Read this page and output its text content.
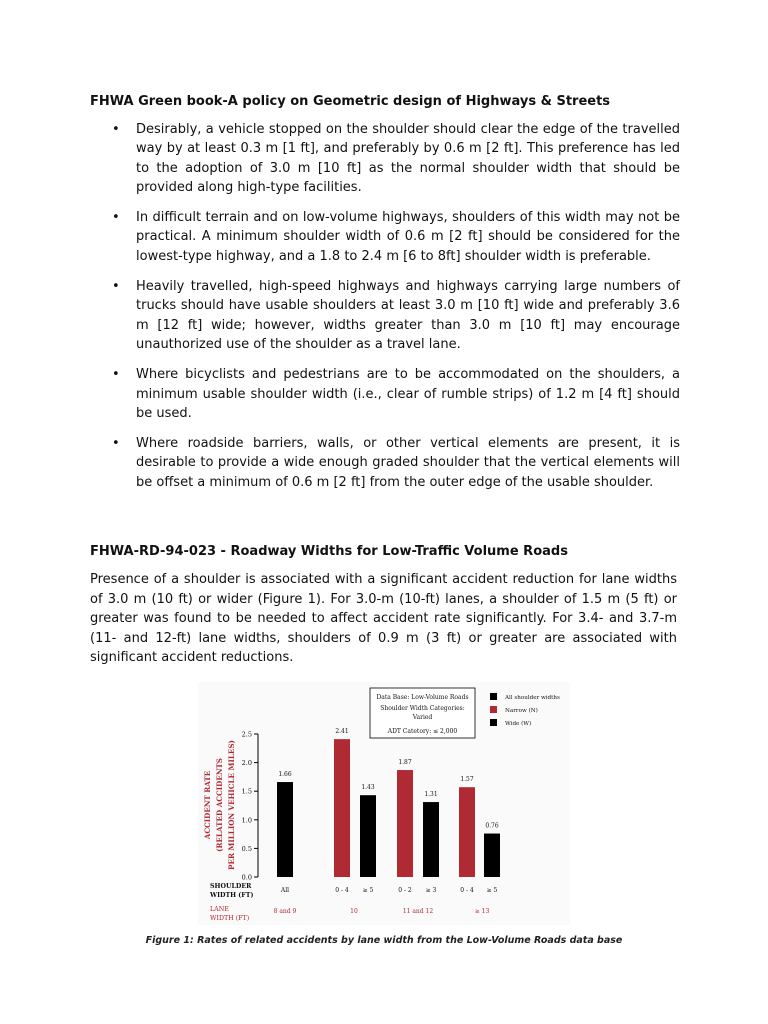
FHWA Green book-A policy on Geometric design of Highways & Streets
• Desirably, a vehicle stopped on the shoulder should clear the edge of the travelled way by at least 0.3 m [1 ft], and preferably by 0.6 m [2 ft]. This preference has led to the adoption of 3.0 m [10 ft] as the normal shoulder width that should be provided along high-type facilities.
• In difficult terrain and on low-volume highways, shoulders of this width may not be practical. A minimum shoulder width of 0.6 m [2 ft] should be considered for the lowest-type highway, and a 1.8 to 2.4 m [6 to 8ft] shoulder width is preferable.
• Heavily travelled, high-speed highways and highways carrying large numbers of trucks should have usable shoulders at least 3.0 m [10 ft] wide and preferably 3.6 m [12 ft] wide; however, widths greater than 3.0 m [10 ft] may encourage unauthorized use of the shoulder as a travel lane.
• Where bicyclists and pedestrians are to be accommodated on the shoulders, a minimum usable shoulder width (i.e., clear of rumble strips) of 1.2 m [4 ft] should be used.
• Where roadside barriers, walls, or other vertical elements are present, it is desirable to provide a wide enough graded shoulder that the vertical elements will be offset a minimum of 0.6 m [2 ft] from the outer edge of the usable shoulder.
FHWA-RD-94-023 - Roadway Widths for Low-Traffic Volume Roads

Presence of a shoulder is associated with a significant accident reduction for lane widths of 3.0 m (10 ft) or wider (Figure 1). For 3.0-m (10-ft) lanes, a shoulder of 1.5 m (5 ft) or greater was found to be needed to affect accident rate significantly. For 3.4- and 3.7-m (11- and 12-ft) lane widths, shoulders of 0.9 m (3 ft) or greater are associated with significant accident reductions.

ACCIDENT RATE (RELATED ACCIDENTS PER MILLION VEHICLE MILES)
0.0
0.5
1.0
1.5
2.0
2.5
1.66
2.41
1.43
1.87
1.31
1.57
0.76
Data Base: Low-Volume Roads
Shoulder Width Categories:
Varied
ADT Catetory: ≤ 2,000
All shoulder widths
Narrow (N)
Wide (W)
SHOULDER
WIDTH (FT)
LANE
WIDTH (FT)
All	0 - 4 ≥ 5	0 - 2 ≥ 3	0 - 4 ≥ 5
8 and 9	10	11 and 12	≥ 13

Figure 1: Rates of related accidents by lane width from the Low-Volume Roads data base
